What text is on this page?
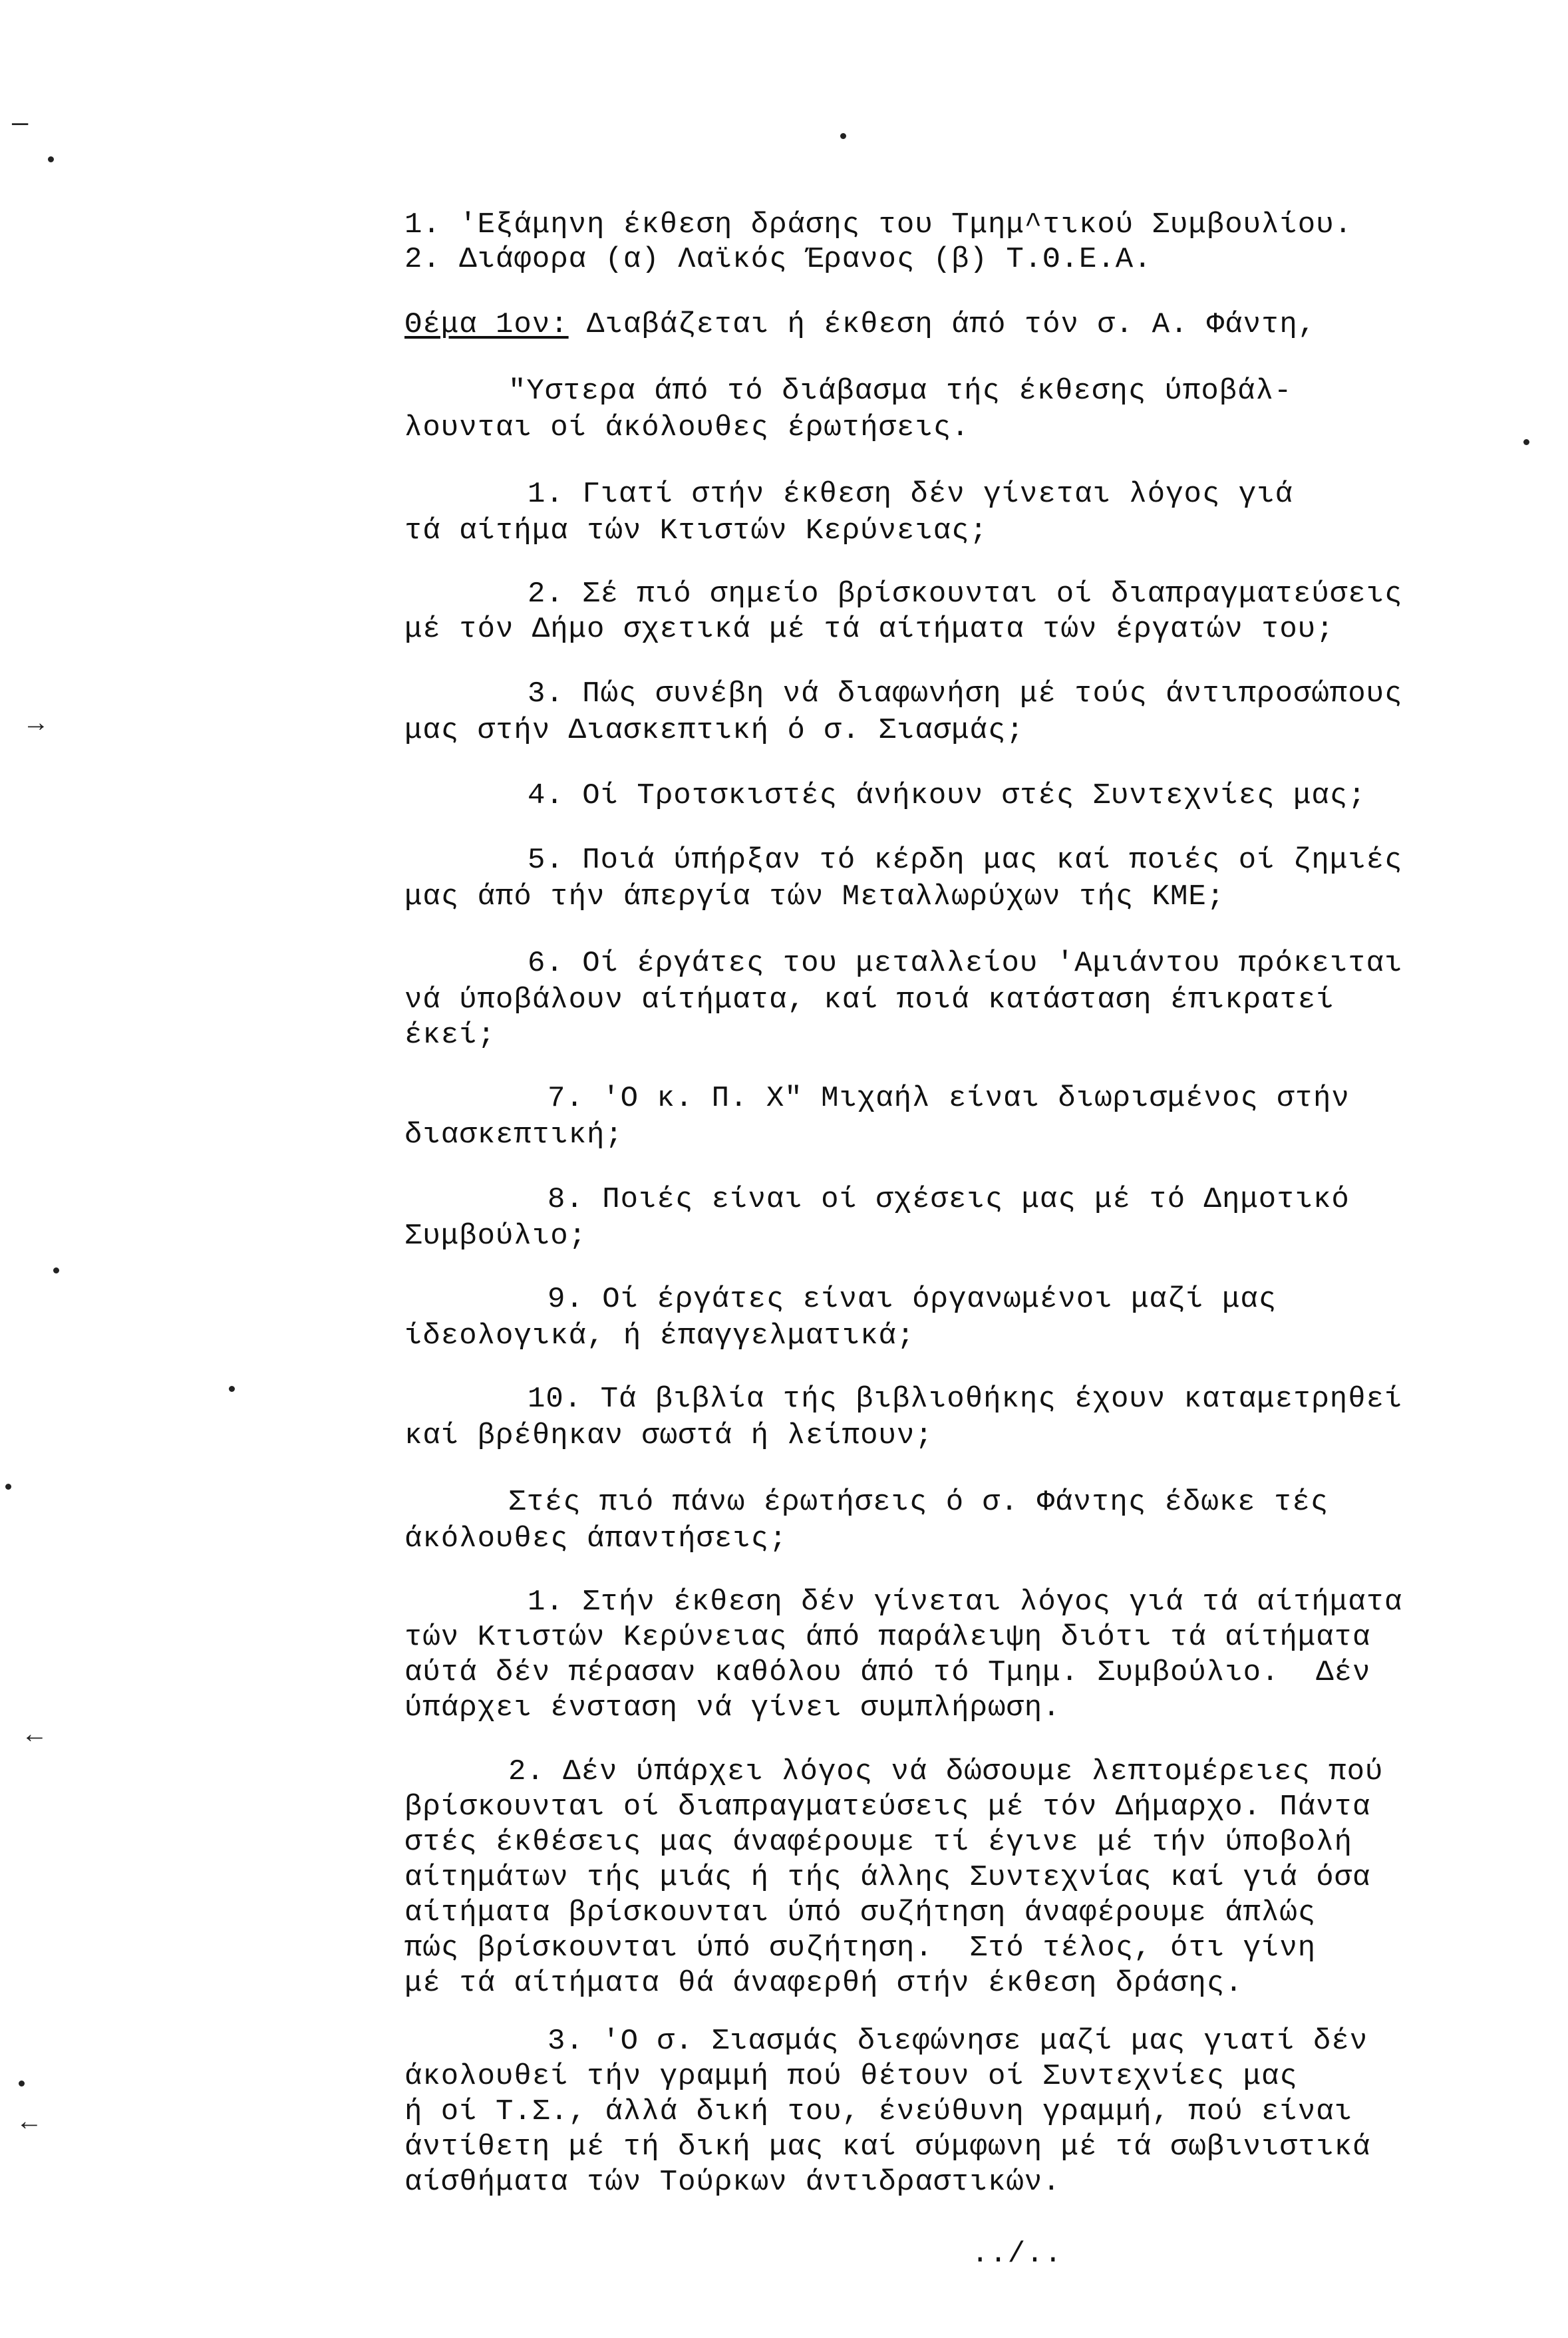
1. 'Εξάμηνη έκθεση δράσης του Τμημ^τικού Συμβουλίου.
2. Διάφορα (α) Λαϊκός Έρανος (β) Τ.Θ.Ε.Α.
Θέμα 1ον: Διαβάζεται ή έκθεση άπό τόν σ. Α. Φάντη,
"Υστερα άπό τό διάβασμα τής έκθεσης ύποβάλ-
λουνται οί άκόλουθες έρωτήσεις.
1. Γιατί στήν έκθεση δέν γίνεται λόγος γιά
τά αίτήμα τών Κτιστών Κερύνειας;
2. Σέ πιό σημείο βρίσκουνται οί διαπραγματεύσεις
μέ τόν Δήμο σχετικά μέ τά αίτήματα τών έργατών του;
3. Πώς συνέβη νά διαφωνήση μέ τούς άντιπροσώπους
μας στήν Διασκεπτική ό σ. Σιασμάς;
4. Οί Τροτσκιστές άνήκουν στές Συντεχνίες μας;
5. Ποιά ύπήρξαν τό κέρδη μας καί ποιές οί ζημιές
μας άπό τήν άπεργία τών Μεταλλωρύχων τής ΚΜΕ;
6. Οί έργάτες του μεταλλείου 'Αμιάντου πρόκειται
νά ύποβάλουν αίτήματα, καί ποιά κατάσταση έπικρατεί
έκεί;
7. 'Ο κ. Π. Χ" Μιχαήλ είναι διωρισμένος στήν
διασκεπτική;
8. Ποιές είναι οί σχέσεις μας μέ τό Δημοτικό
Συμβούλιο;
9. Οί έργάτες είναι όργανωμένοι μαζί μας
ίδεολογικά, ή έπαγγελματικά;
10. Τά βιβλία τής βιβλιοθήκης έχουν καταμετρηθεί
καί βρέθηκαν σωστά ή λείπουν;
Στές πιό πάνω έρωτήσεις ό σ. Φάντης έδωκε τές
άκόλουθες άπαντήσεις;
1. Στήν έκθεση δέν γίνεται λόγος γιά τά αίτήματα
τών Κτιστών Κερύνειας άπό παράλειψη διότι τά αίτήματα
αύτά δέν πέρασαν καθόλου άπό τό Τμημ. Συμβούλιο.  Δέν
ύπάρχει ένσταση νά γίνει συμπλήρωση.
2. Δέν ύπάρχει λόγος νά δώσουμε λεπτομέρειες πού
βρίσκουνται οί διαπραγματεύσεις μέ τόν Δήμαρχο. Πάντα
στές έκθέσεις μας άναφέρουμε τί έγινε μέ τήν ύποβολή
αίτημάτων τής μιάς ή τής άλλης Συντεχνίας καί γιά όσα
αίτήματα βρίσκουνται ύπό συζήτηση άναφέρουμε άπλώς
πώς βρίσκουνται ύπό συζήτηση.  Στό τέλος, ότι γίνη
μέ τά αίτήματα θά άναφερθή στήν έκθεση δράσης.
3. 'Ο σ. Σιασμάς διεφώνησε μαζί μας γιατί δέν
άκολουθεί τήν γραμμή πού θέτουν οί Συντεχνίες μας
ή οί Τ.Σ., άλλά δική του, ένεύθυνη γραμμή, πού είναι
άντίθετη μέ τή δική μας καί σύμφωνη μέ τά σωβινιστικά
αίσθήματα τών Τούρκων άντιδραστικών.
../..
─
→
←
←
